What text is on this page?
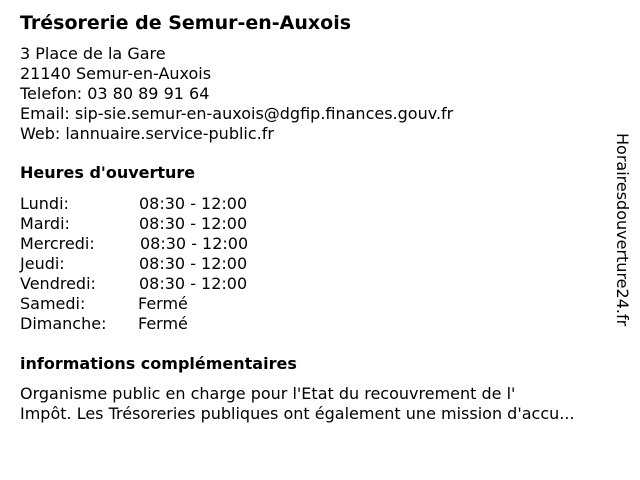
Trésorerie de Semur-en-Auxois
3 Place de la Gare
21140 Semur-en-Auxois
Telefon: 03 80 89 91 64
Email: sip-sie.semur-en-auxois@dgfip.finances.gouv.fr
Web: lannuaire.service-public.fr
Heures d'ouverture
Lundi:	08:30 - 12:00
Mardi:	08:30 - 12:00
Mercredi:	08:30 - 12:00
Jeudi:	08:30 - 12:00
Vendredi:	08:30 - 12:00
Samedi:	Fermé
Dimanche: Fermé
informations complémentaires
Organisme public en charge pour l'Etat du recouvrement de l'
Impôt. Les Trésoreries publiques ont également une mission d'accu...
Horairesdouverture24.fr
